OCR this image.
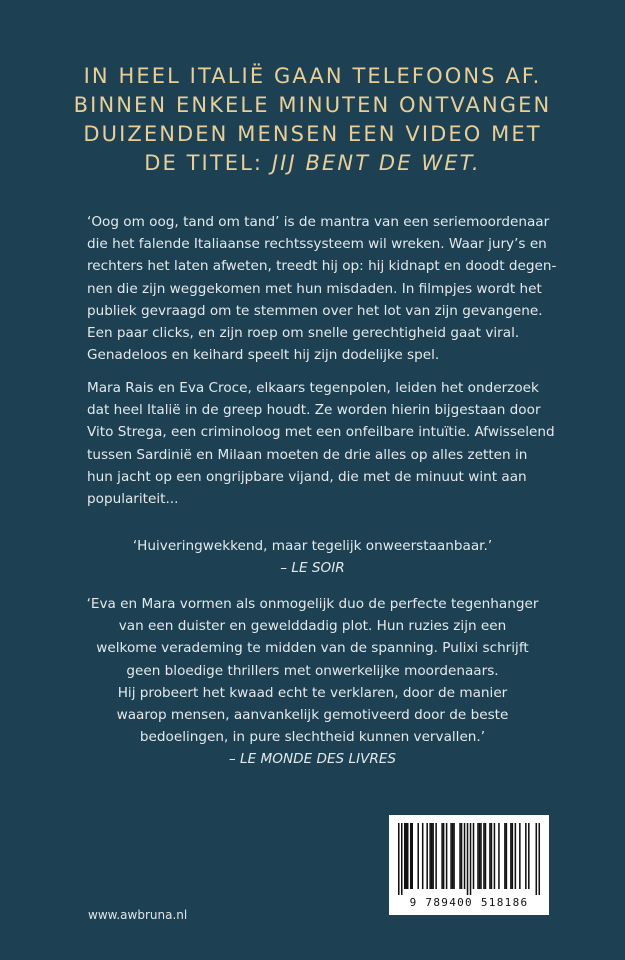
IN HEEL ITALIË GAAN TELEFOONS AF.
BINNEN ENKELE MINUTEN ONTVANGEN
DUIZENDEN MENSEN EEN VIDEO MET
DE TITEL: JIJ BENT DE WET.
‘Oog om oog, tand om tand’ is de mantra van een seriemoordenaar
die het falende Italiaanse rechtssysteem wil wreken. Waar jury’s en
rechters het laten afweten, treedt hij op: hij kidnapt en doodt degen-
nen die zijn weggekomen met hun misdaden. In filmpjes wordt het
publiek gevraagd om te stemmen over het lot van zijn gevangene.
Een paar clicks, en zijn roep om snelle gerechtigheid gaat viral.
Genadeloos en keihard speelt hij zijn dodelijke spel.
Mara Rais en Eva Croce, elkaars tegenpolen, leiden het onderzoek
dat heel Italië in de greep houdt. Ze worden hierin bijgestaan door
Vito Strega, een criminoloog met een onfeilbare intuïtie. Afwisselend
tussen Sardinië en Milaan moeten de drie alles op alles zetten in
hun jacht op een ongrijpbare vijand, die met de minuut wint aan
populariteit...
‘Huiveringwekkend, maar tegelijk onweerstaanbaar.’
– LE SOIR
‘Eva en Mara vormen als onmogelijk duo de perfecte tegenhanger
van een duister en gewelddadig plot. Hun ruzies zijn een
welkome verademing te midden van de spanning. Pulixi schrijft
geen bloedige thrillers met onwerkelijke moordenaars.
Hij probeert het kwaad echt te verklaren, door de manier
waarop mensen, aanvankelijk gemotiveerd door de beste
bedoelingen, in pure slechtheid kunnen vervallen.’
– LE MONDE DES LIVRES
www.awbruna.nl
9 789400 518186
